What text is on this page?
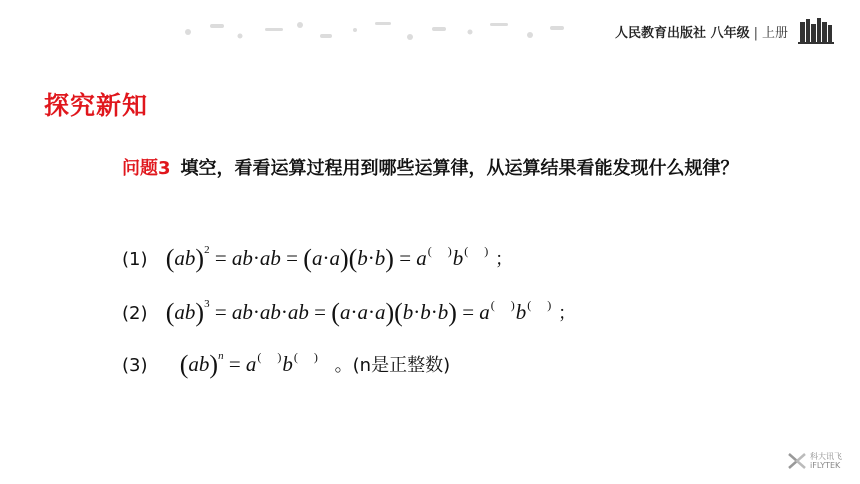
人民教育出版社 八年级 | 上册
探究新知
问题3 填空，看看运算过程用到哪些运算律，从运算结果看能发现什么规律？
(1) (ab)$^2$ = ab·ab = (a·a)(b·b) = a( )b( ) ；
(2) (ab)$^3$ = ab·ab·ab = (a·a·a)(b·b·b) = a( )b( ) ；
(3) (ab)$^n$ = a( )b( ) 。(n是正整数)
科大讯飞
iFLYTEK
